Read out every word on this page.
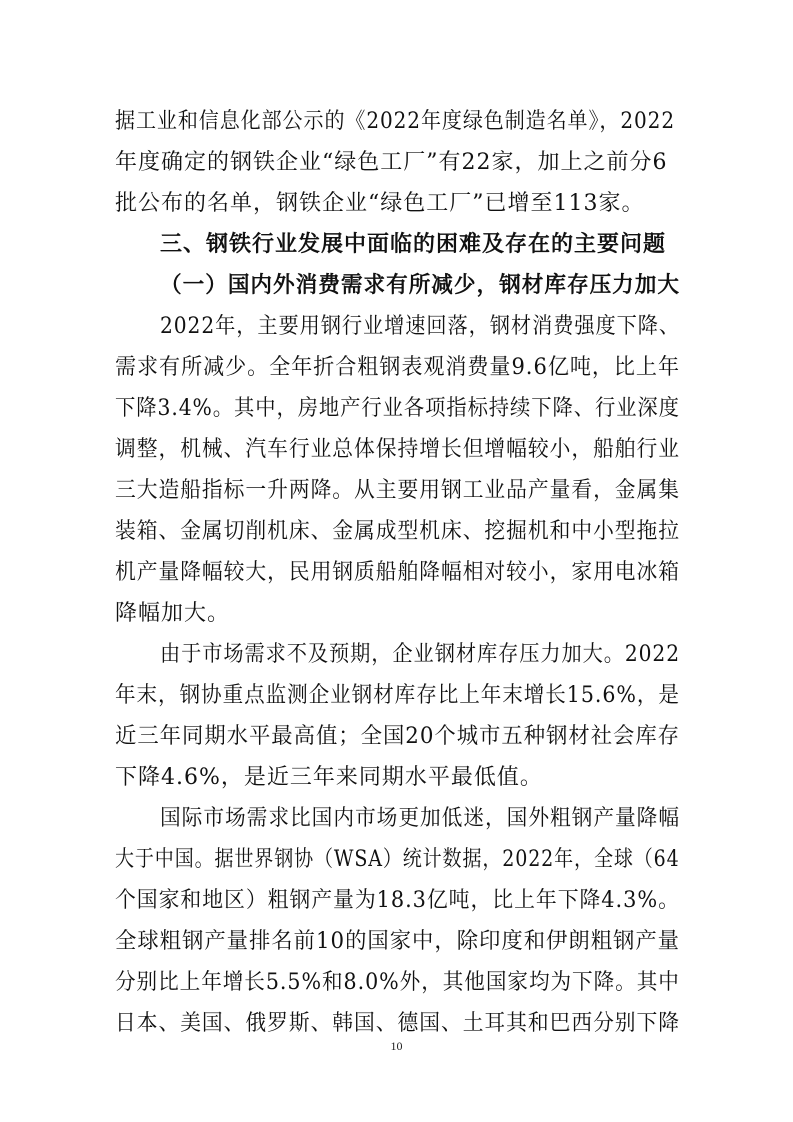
据工业和信息化部公示的《2022年度绿色制造名单》，2022
年度确定的钢铁企业“绿色工厂”有22家，加上之前分6
批公布的名单，钢铁企业“绿色工厂”已增至113家。
三、钢铁行业发展中面临的困难及存在的主要问题
（一）国内外消费需求有所减少，钢材库存压力加大
2022年，主要用钢行业增速回落，钢材消费强度下降、
需求有所减少。全年折合粗钢表观消费量9.6亿吨，比上年
下降3.4%。其中，房地产行业各项指标持续下降、行业深度
调整，机械、汽车行业总体保持增长但增幅较小，船舶行业
三大造船指标一升两降。从主要用钢工业品产量看，金属集
装箱、金属切削机床、金属成型机床、挖掘机和中小型拖拉
机产量降幅较大，民用钢质船舶降幅相对较小，家用电冰箱
降幅加大。
由于市场需求不及预期，企业钢材库存压力加大。2022
年末，钢协重点监测企业钢材库存比上年末增长15.6%，是
近三年同期水平最高值；全国20个城市五种钢材社会库存
下降4.6%，是近三年来同期水平最低值。
国际市场需求比国内市场更加低迷，国外粗钢产量降幅
大于中国。据世界钢协（WSA）统计数据，2022年，全球（64
个国家和地区）粗钢产量为18.3亿吨，比上年下降4.3%。
全球粗钢产量排名前10的国家中，除印度和伊朗粗钢产量
分别比上年增长5.5%和8.0%外，其他国家均为下降。其中
日本、美国、俄罗斯、韩国、德国、土耳其和巴西分别下降
10
